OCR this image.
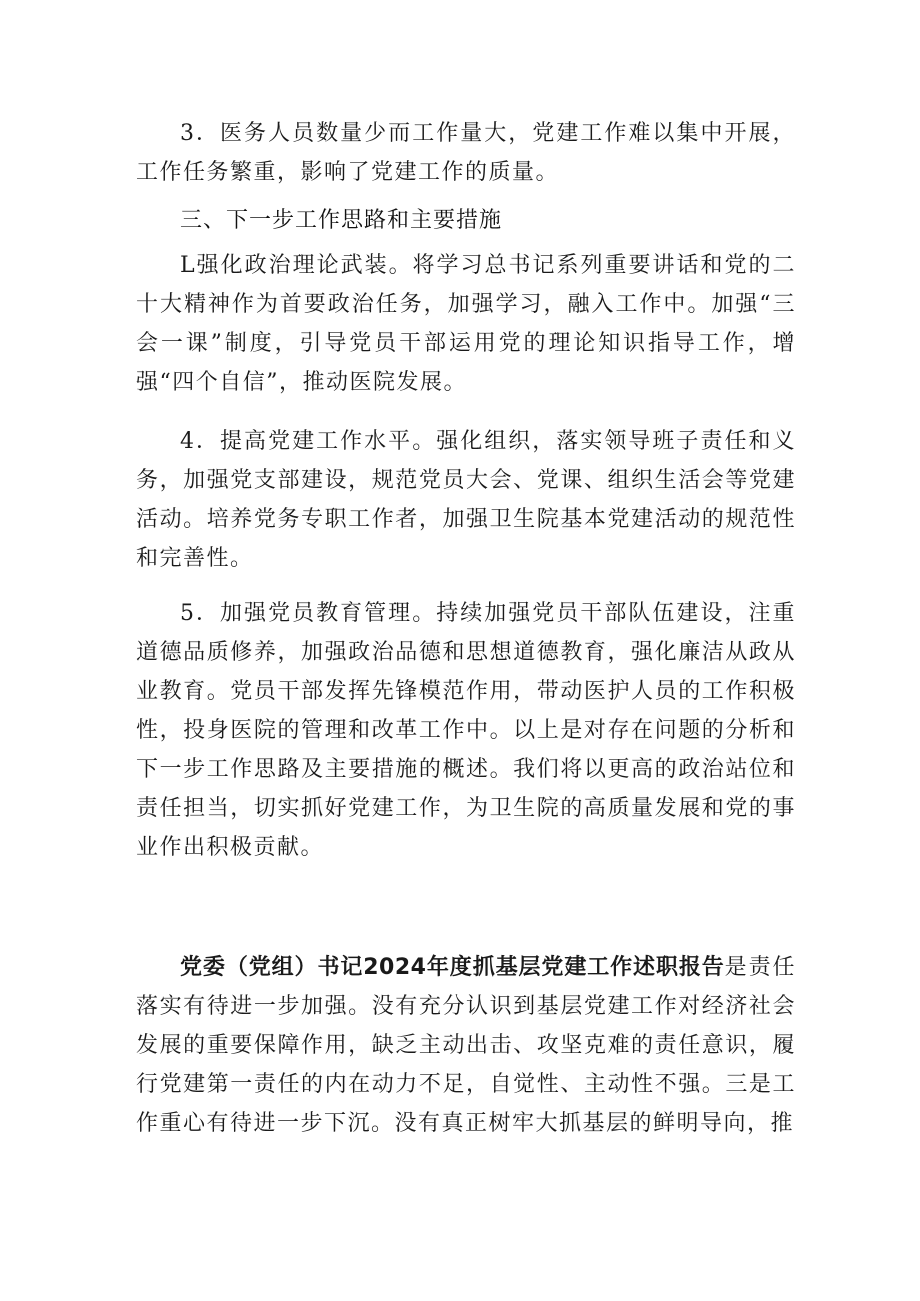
3．医务人员数量少而工作量大，党建工作难以集中开展，工作任务繁重，影响了党建工作的质量。

三、下一步工作思路和主要措施

L强化政治理论武装。将学习总书记系列重要讲话和党的二十大精神作为首要政治任务，加强学习，融入工作中。加强“三会一课”制度，引导党员干部运用党的理论知识指导工作，增强“四个自信”，推动医院发展。

4．提高党建工作水平。强化组织，落实领导班子责任和义务，加强党支部建设，规范党员大会、党课、组织生活会等党建活动。培养党务专职工作者，加强卫生院基本党建活动的规范性和完善性。

5．加强党员教育管理。持续加强党员干部队伍建设，注重道德品质修养，加强政治品德和思想道德教育，强化廉洁从政从业教育。党员干部发挥先锋模范作用，带动医护人员的工作积极性，投身医院的管理和改革工作中。以上是对存在问题的分析和下一步工作思路及主要措施的概述。我们将以更高的政治站位和责任担当，切实抓好党建工作，为卫生院的高质量发展和党的事业作出积极贡献。

党委（党组）书记2024年度抓基层党建工作述职报告是责任落实有待进一步加强。没有充分认识到基层党建工作对经济社会发展的重要保障作用，缺乏主动出击、攻坚克难的责任意识，履行党建第一责任的内在动力不足，自觉性、主动性不强。三是工作重心有待进一步下沉。没有真正树牢大抓基层的鲜明导向，推
